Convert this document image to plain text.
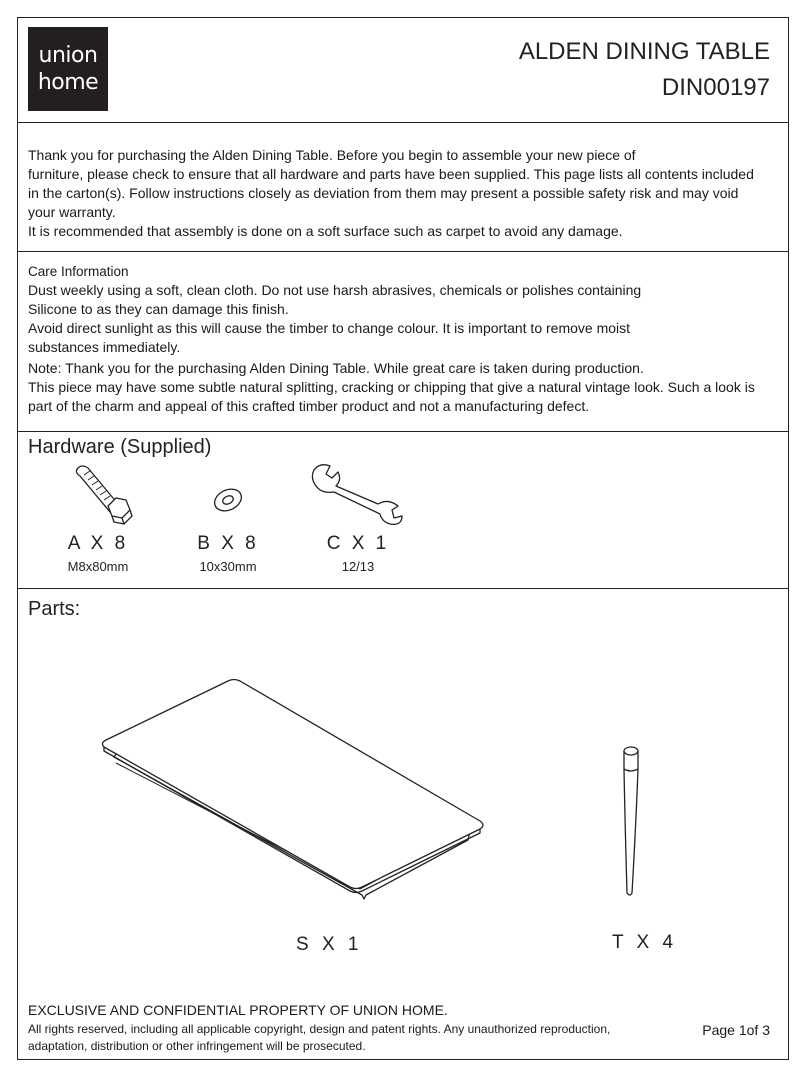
union
home
ALDEN DINING TABLE
DIN00197

Thank you for purchasing the Alden Dining Table. Before you begin to assemble your new piece of

furniture, please check to ensure that all hardware and parts have been supplied. This page lists all contents included

in the carton(s). Follow instructions closely as deviation from them may present a possible safety risk and may void

your warranty.

It is recommended that assembly is done on a soft surface such as carpet to avoid any damage.

Care Information

Dust weekly using a soft, clean cloth. Do not use harsh abrasives, chemicals or polishes containing

Silicone to as they can damage this finish.

Avoid direct sunlight as this will cause the timber to change colour. It is important to remove moist

substances immediately.

Note: Thank you for the purchasing Alden Dining Table. While great care is taken during production.

This piece may have some subtle natural splitting, cracking or chipping that give a natural vintage look. Such a look is

part of the charm and appeal of this crafted timber product and not a manufacturing defect.

Hardware (Supplied)
A X 8
M8x80mm
B X 8
10x30mm
C X 1
12/13
Parts:
S X 1	T X 4
EXCLUSIVE AND CONFIDENTIAL PROPERTY OF UNION HOME.
All rights reserved, including all applicable copyright, design and patent rights. Any unauthorized reproduction,
adaptation, distribution or other infringement will be prosecuted.
Page 1of 3
